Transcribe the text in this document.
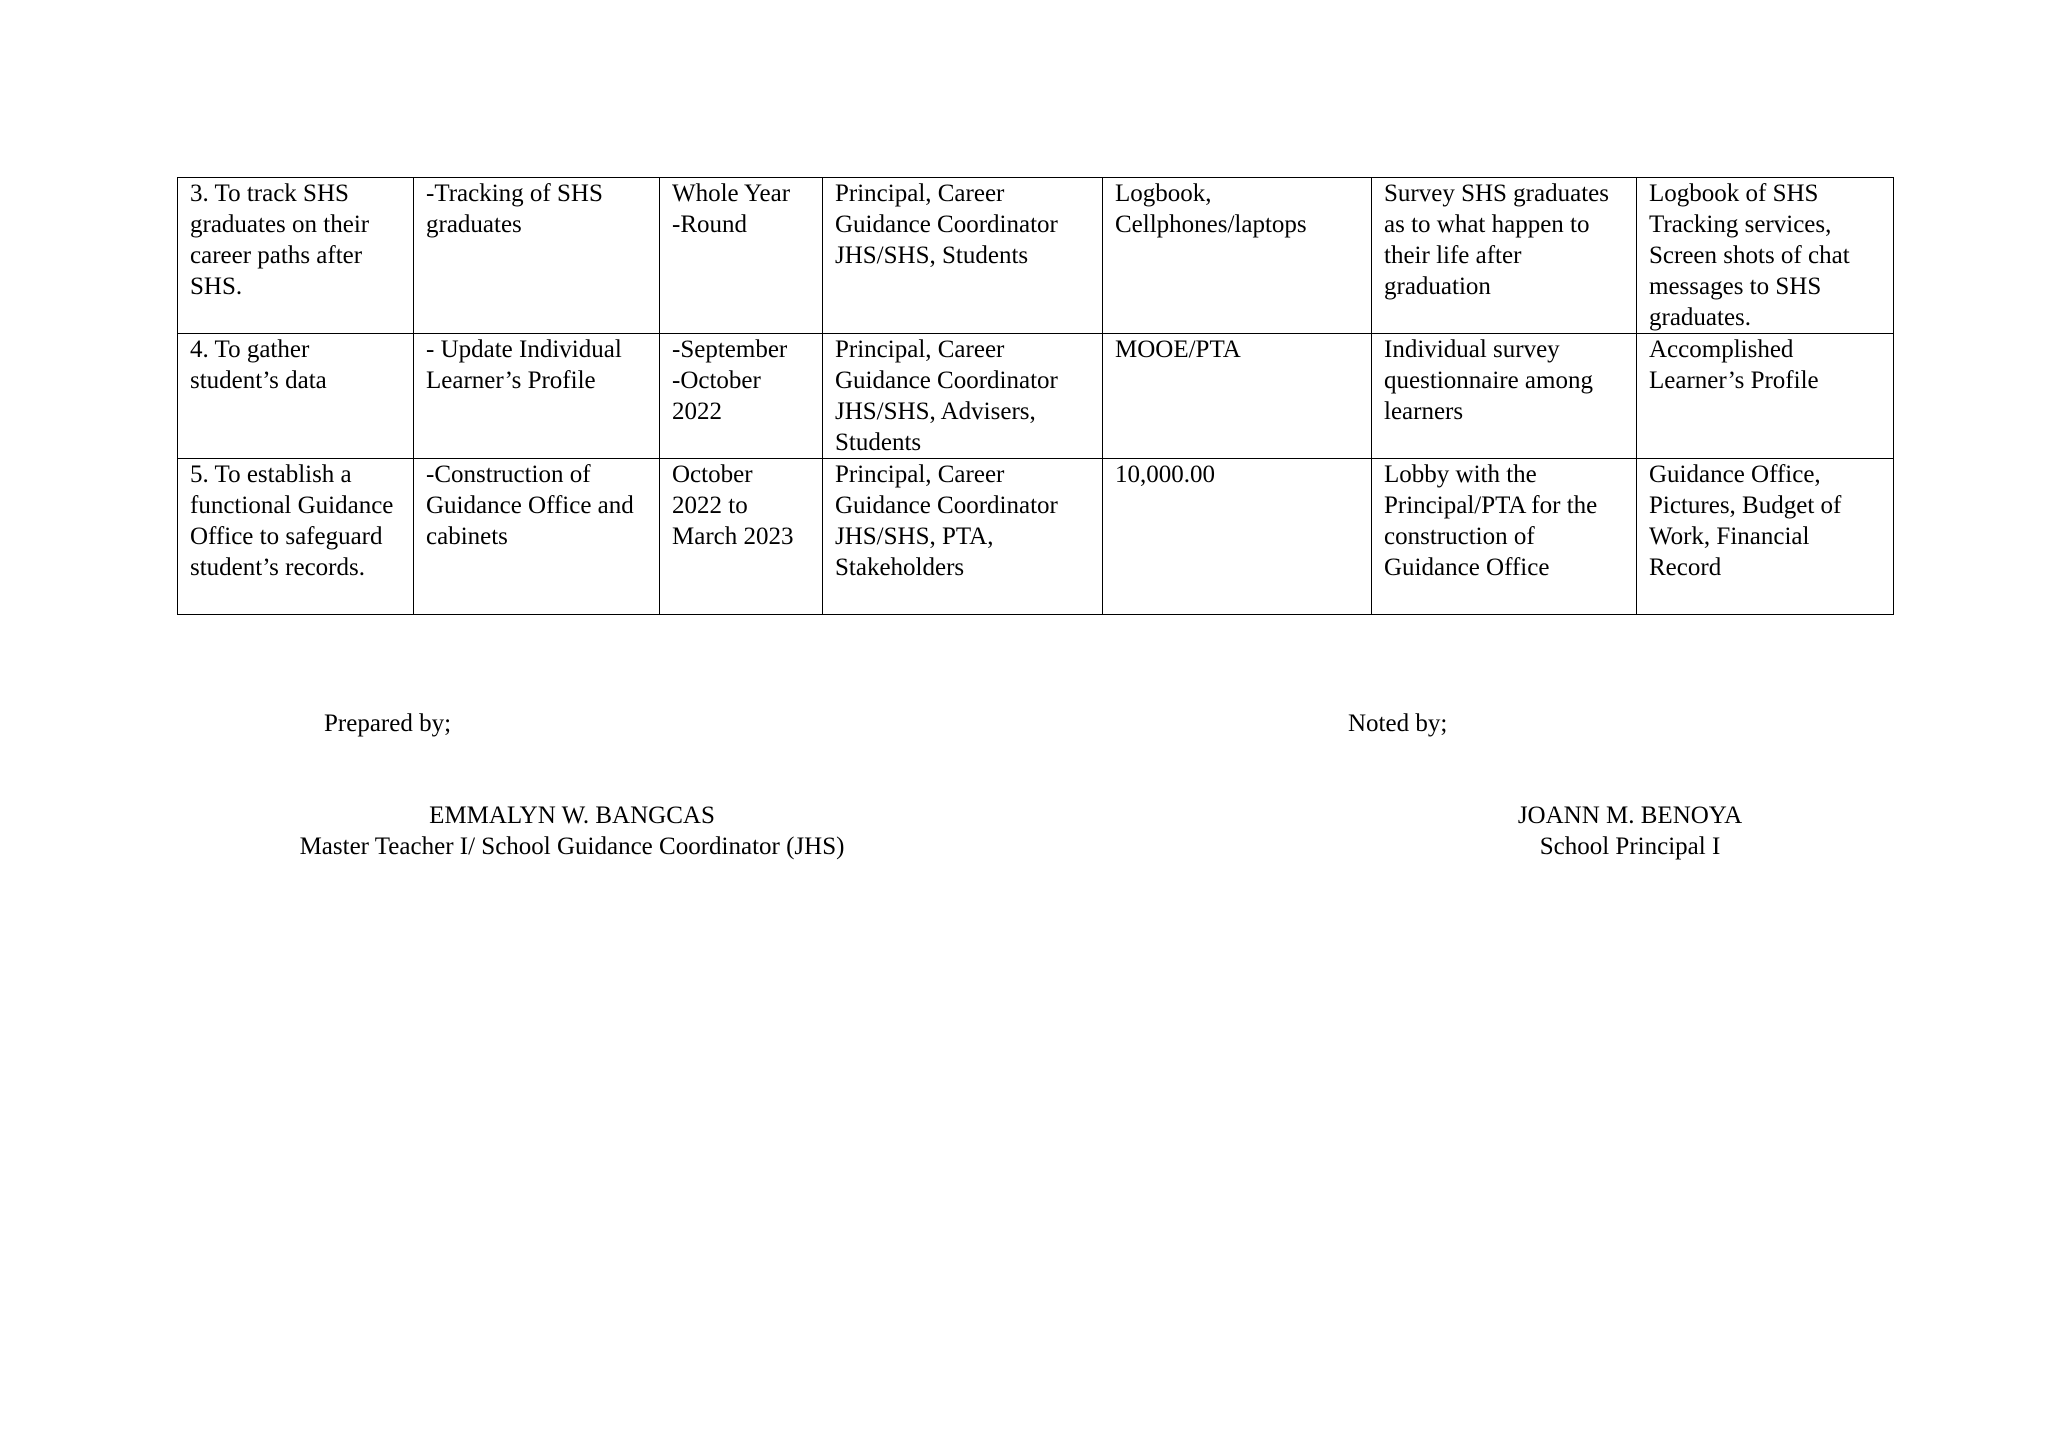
3. To track SHS graduates on their career paths after SHS.	-Tracking of SHS graduates	Whole Year
-Round	Principal, Career Guidance Coordinator JHS/SHS, Students	Logbook,
Cellphones/laptops	Survey SHS graduates as to what happen to their life after graduation	Logbook of SHS Tracking services, Screen shots of chat messages to SHS graduates.
4. To gather student’s data	- Update Individual Learner’s Profile	-September
-October
2022	Principal, Career Guidance Coordinator JHS/SHS, Advisers, Students	MOOE/PTA	Individual survey questionnaire among learners	Accomplished Learner’s Profile
5. To establish a functional Guidance Office to safeguard student’s records.	-Construction of Guidance Office and cabinets	October
2022 to
March 2023	Principal, Career Guidance Coordinator JHS/SHS, PTA, Stakeholders	10,000.00	Lobby with the Principal/PTA for the construction of Guidance Office	Guidance Office, Pictures, Budget of Work, Financial Record
Prepared by;	Noted by;
EMMALYN W. BANGCAS
Master Teacher I/ School Guidance Coordinator (JHS)
JOANN M. BENOYA
School Principal I
